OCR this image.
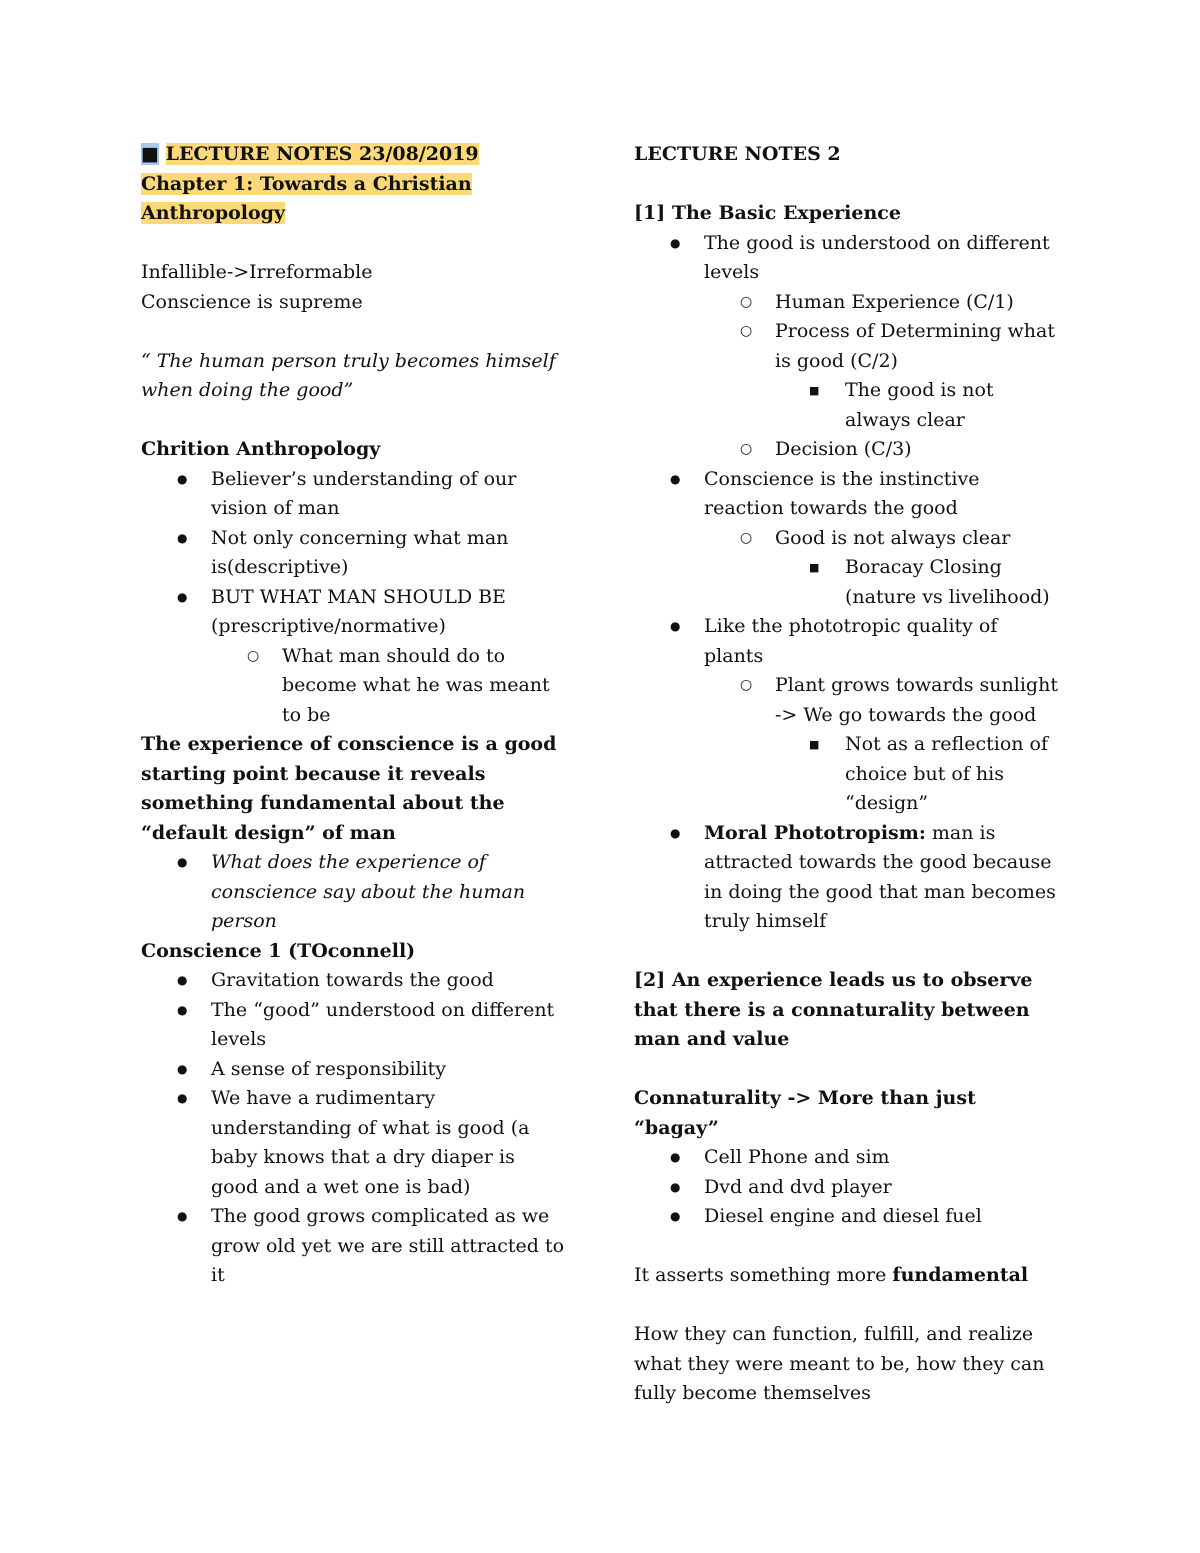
■ LECTURE NOTES 23/08/2019

Chapter 1: Towards a Christian
Anthropology

Infallible->Irreformable

Conscience is supreme

“ The human person truly becomes himself when doing the good”

Chrition Anthropology

● Believer’s understanding of our vision of man
● Not only concerning what man is(descriptive)
● BUT WHAT MAN SHOULD BE (prescriptive/normative)
○ What man should do to become what he was meant to be

The experience of conscience is a good starting point because it reveals something fundamental about the “default design” of man

● What does the experience of conscience say about the human person

Conscience 1 (TOconnell)

● Gravitation towards the good
● The “good” understood on different levels
● A sense of responsibility
● We have a rudimentary understanding of what is good (a baby knows that a dry diaper is good and a wet one is bad)
● The good grows complicated as we grow old yet we are still attracted to it

LECTURE NOTES 2

[1] The Basic Experience

● The good is understood on different levels
○ Human Experience (C/1)
○ Process of Determining what is good (C/2)
■ The good is not always clear
○ Decision (C/3)
● Conscience is the instinctive reaction towards the good
○ Good is not always clear
■ Boracay Closing (nature vs livelihood)
● Like the phototropic quality of plants
○ Plant grows towards sunlight -> We go towards the good
■ Not as a reflection of choice but of his “design”
● Moral Phototropism: man is attracted towards the good because in doing the good that man becomes truly himself

[2] An experience leads us to observe that there is a connaturality between man and value

Connaturality -> More than just “bagay”

● Cell Phone and sim
● Dvd and dvd player
● Diesel engine and diesel fuel

It asserts something more fundamental

How they can function, fulfill, and realize what they were meant to be, how they can fully become themselves
